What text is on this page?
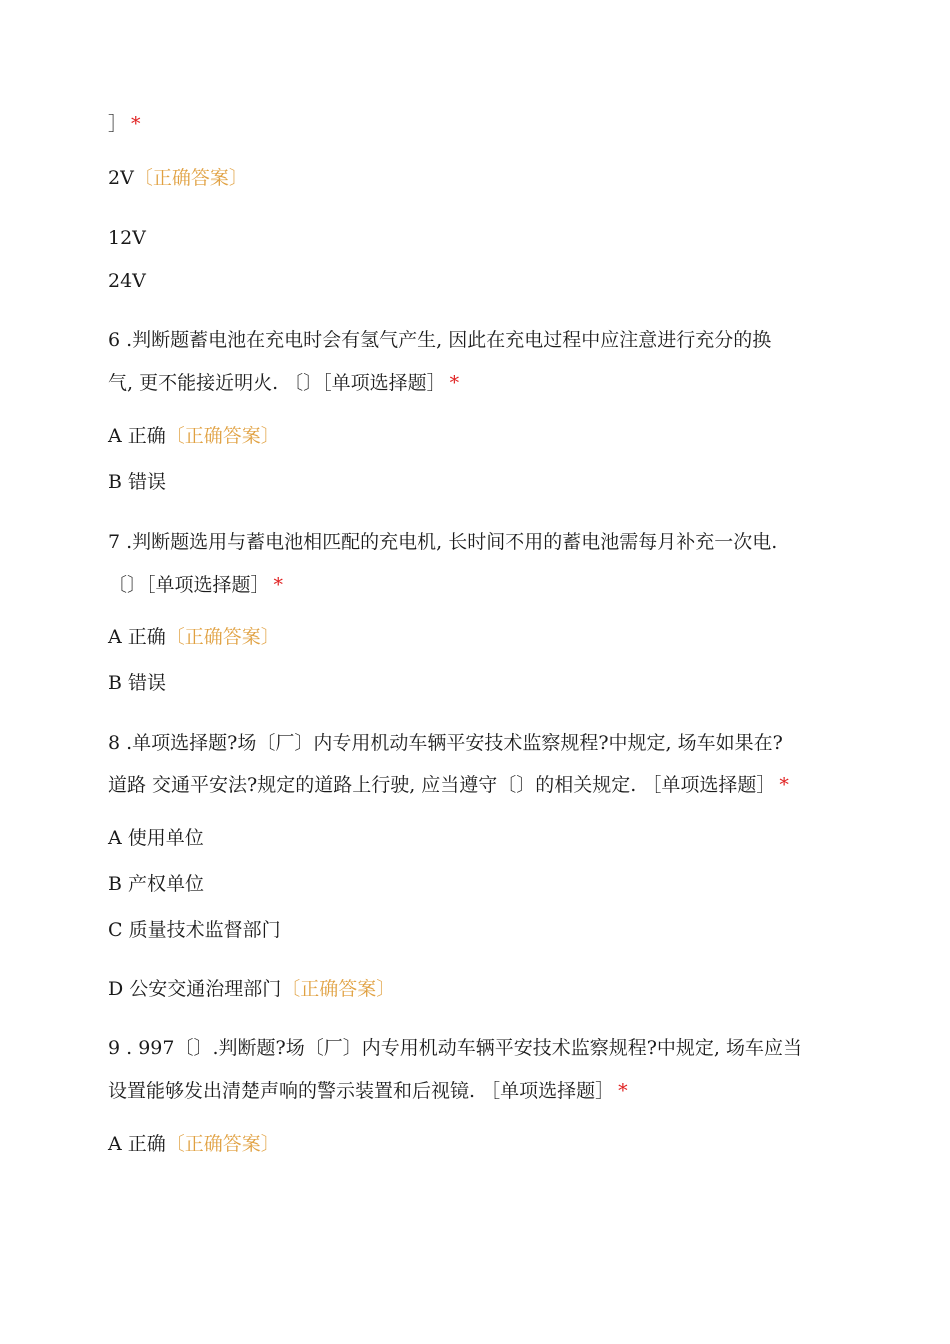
］ *
2V〔正确答案〕
12V
24V
6 .判断题蓄电池在充电时会有氢气产生, 因此在充电过程中应注意进行充分的换
气, 更不能接近明火. 〔〕［单项选择题］ *
A 正确〔正确答案〕
B 错误
7 .判断题选用与蓄电池相匹配的充电机, 长时间不用的蓄电池需每月补充一次电.
〔〕［单项选择题］ *
A 正确〔正确答案〕
B 错误
8 .单项选择题?场〔厂〕内专用机动车辆平安技术监察规程?中规定, 场车如果在?
道路 交通平安法?规定的道路上行驶, 应当遵守〔〕的相关规定. ［单项选择题］ *
A 使用单位
B 产权单位
C 质量技术监督部门
D 公安交通治理部门〔正确答案〕
9 . 997〔〕.判断题?场〔厂〕内专用机动车辆平安技术监察规程?中规定, 场车应当
设置能够发出清楚声响的警示装置和后视镜. ［单项选择题］ *
A 正确〔正确答案〕
